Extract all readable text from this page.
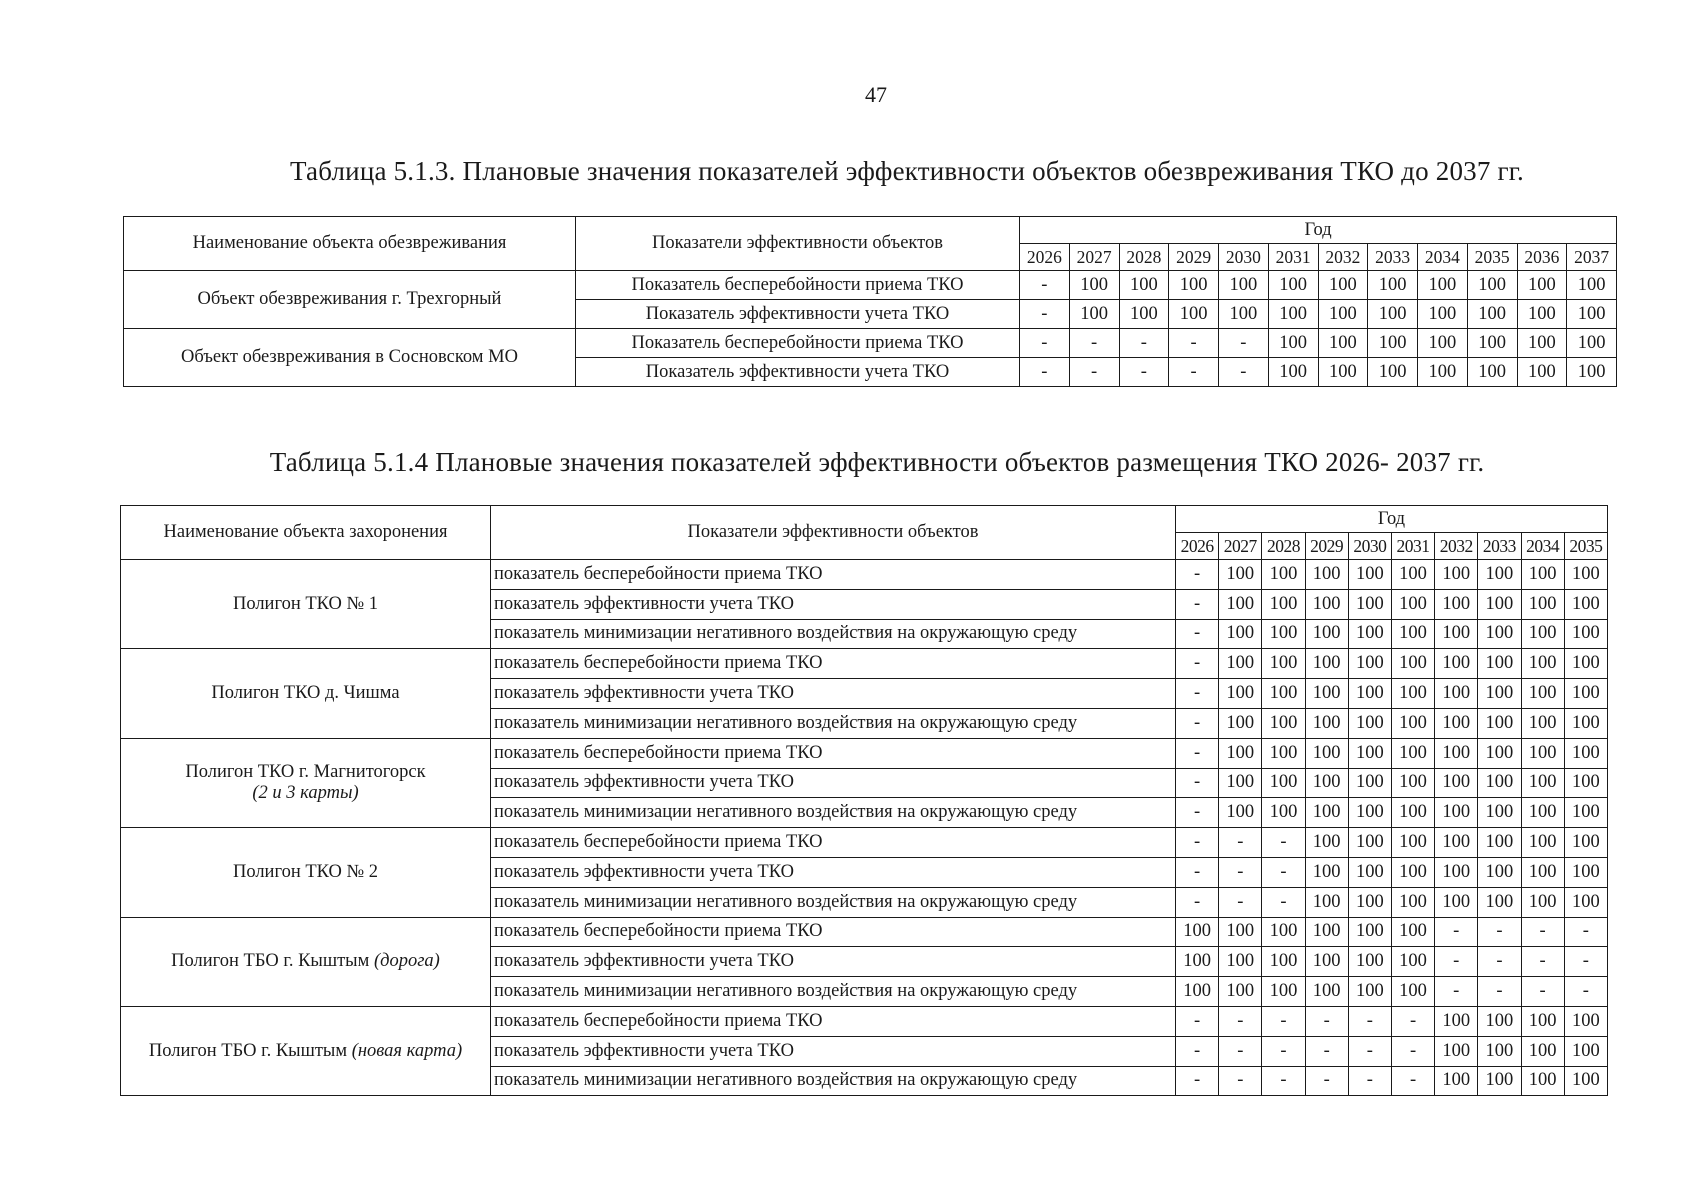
47
Таблица 5.1.3. Плановые значения показателей эффективности объектов обезвреживания ТКО до 2037 гг.
Наименование объекта обезвреживания	Показатели эффективности объектов	Год											
		2026	2027	2028	2029	2030	2031	2032	2033	2034	2035	2036	2037
Объект обезвреживания г. Трехгорный	Показатель бесперебойности приема ТКО	-	100	100	100	100	100	100	100	100	100	100	100
	Показатель эффективности учета ТКО	-	100	100	100	100	100	100	100	100	100	100	100
Объект обезвреживания в Сосновском МО	Показатель бесперебойности приема ТКО	-	-	-	-	-	100	100	100	100	100	100	100
	Показатель эффективности учета ТКО	-	-	-	-	-	100	100	100	100	100	100	100
Таблица 5.1.4 Плановые значения показателей эффективности объектов размещения ТКО 2026- 2037 гг.
Наименование объекта захоронения	Показатели эффективности объектов	Год									
		2026	2027	2028	2029	2030	2031	2032	2033	2034	2035
Полигон ТКО № 1	показатель бесперебойности приема ТКО	-	100	100	100	100	100	100	100	100	100
	показатель эффективности учета ТКО	-	100	100	100	100	100	100	100	100	100
	показатель минимизации негативного воздействия на окружающую среду	-	100	100	100	100	100	100	100	100	100
Полигон ТКО д. Чишма	показатель бесперебойности приема ТКО	-	100	100	100	100	100	100	100	100	100
	показатель эффективности учета ТКО	-	100	100	100	100	100	100	100	100	100
	показатель минимизации негативного воздействия на окружающую среду	-	100	100	100	100	100	100	100	100	100
Полигон ТКО г. Магнитогорск
(2 и 3 карты)	показатель бесперебойности приема ТКО	-	100	100	100	100	100	100	100	100	100
	показатель эффективности учета ТКО	-	100	100	100	100	100	100	100	100	100
	показатель минимизации негативного воздействия на окружающую среду	-	100	100	100	100	100	100	100	100	100
Полигон ТКО № 2	показатель бесперебойности приема ТКО	-	-	-	100	100	100	100	100	100	100
	показатель эффективности учета ТКО	-	-	-	100	100	100	100	100	100	100
	показатель минимизации негативного воздействия на окружающую среду	-	-	-	100	100	100	100	100	100	100
Полигон ТБО г. Кыштым (дорога)	показатель бесперебойности приема ТКО	100	100	100	100	100	100	-	-	-	-
	показатель эффективности учета ТКО	100	100	100	100	100	100	-	-	-	-
	показатель минимизации негативного воздействия на окружающую среду	100	100	100	100	100	100	-	-	-	-
Полигон ТБО г. Кыштым (новая карта)	показатель бесперебойности приема ТКО	-	-	-	-	-	-	100	100	100	100
	показатель эффективности учета ТКО	-	-	-	-	-	-	100	100	100	100
	показатель минимизации негативного воздействия на окружающую среду	-	-	-	-	-	-	100	100	100	100
